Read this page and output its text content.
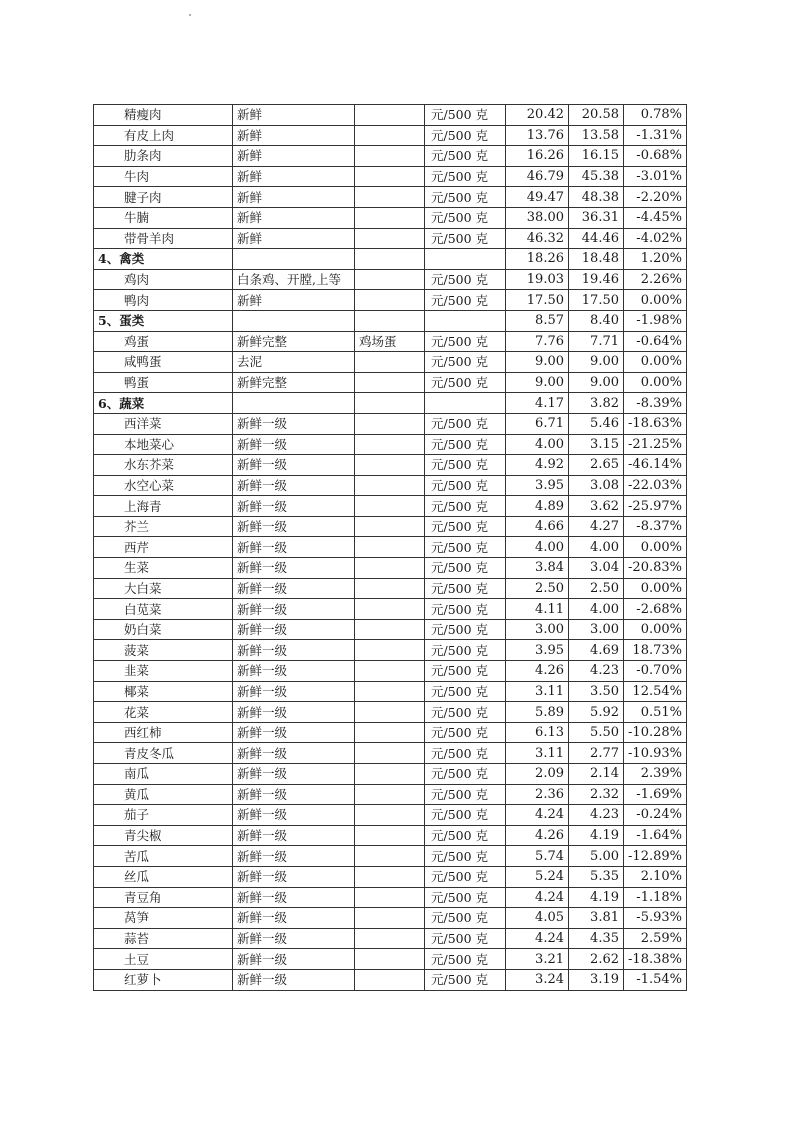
精瘦肉	新鲜		元/500 克	20.42	20.58	0.78%
有皮上肉	新鲜		元/500 克	13.76	13.58	-1.31%
肋条肉	新鲜		元/500 克	16.26	16.15	-0.68%
牛肉	新鲜		元/500 克	46.79	45.38	-3.01%
腱子肉	新鲜		元/500 克	49.47	48.38	-2.20%
牛腩	新鲜		元/500 克	38.00	36.31	-4.45%
带骨羊肉	新鲜		元/500 克	46.32	44.46	-4.02%
4、禽类				18.26	18.48	1.20%
鸡肉	白条鸡、开膛,上等		元/500 克	19.03	19.46	2.26%
鸭肉	新鲜		元/500 克	17.50	17.50	0.00%
5、蛋类				8.57	8.40	-1.98%
鸡蛋	新鲜完整	鸡场蛋	元/500 克	7.76	7.71	-0.64%
咸鸭蛋	去泥		元/500 克	9.00	9.00	0.00%
鸭蛋	新鲜完整		元/500 克	9.00	9.00	0.00%
6、蔬菜				4.17	3.82	-8.39%
西洋菜	新鲜一级		元/500 克	6.71	5.46	-18.63%
本地菜心	新鲜一级		元/500 克	4.00	3.15	-21.25%
水东芥菜	新鲜一级		元/500 克	4.92	2.65	-46.14%
水空心菜	新鲜一级		元/500 克	3.95	3.08	-22.03%
上海青	新鲜一级		元/500 克	4.89	3.62	-25.97%
芥兰	新鲜一级		元/500 克	4.66	4.27	-8.37%
西芹	新鲜一级		元/500 克	4.00	4.00	0.00%
生菜	新鲜一级		元/500 克	3.84	3.04	-20.83%
大白菜	新鲜一级		元/500 克	2.50	2.50	0.00%
白苋菜	新鲜一级		元/500 克	4.11	4.00	-2.68%
奶白菜	新鲜一级		元/500 克	3.00	3.00	0.00%
菠菜	新鲜一级		元/500 克	3.95	4.69	18.73%
韭菜	新鲜一级		元/500 克	4.26	4.23	-0.70%
椰菜	新鲜一级		元/500 克	3.11	3.50	12.54%
花菜	新鲜一级		元/500 克	5.89	5.92	0.51%
西红柿	新鲜一级		元/500 克	6.13	5.50	-10.28%
青皮冬瓜	新鲜一级		元/500 克	3.11	2.77	-10.93%
南瓜	新鲜一级		元/500 克	2.09	2.14	2.39%
黄瓜	新鲜一级		元/500 克	2.36	2.32	-1.69%
茄子	新鲜一级		元/500 克	4.24	4.23	-0.24%
青尖椒	新鲜一级		元/500 克	4.26	4.19	-1.64%
苦瓜	新鲜一级		元/500 克	5.74	5.00	-12.89%
丝瓜	新鲜一级		元/500 克	5.24	5.35	2.10%
青豆角	新鲜一级		元/500 克	4.24	4.19	-1.18%
莴笋	新鲜一级		元/500 克	4.05	3.81	-5.93%
蒜苔	新鲜一级		元/500 克	4.24	4.35	2.59%
土豆	新鲜一级		元/500 克	3.21	2.62	-18.38%
红萝卜	新鲜一级		元/500 克	3.24	3.19	-1.54%
